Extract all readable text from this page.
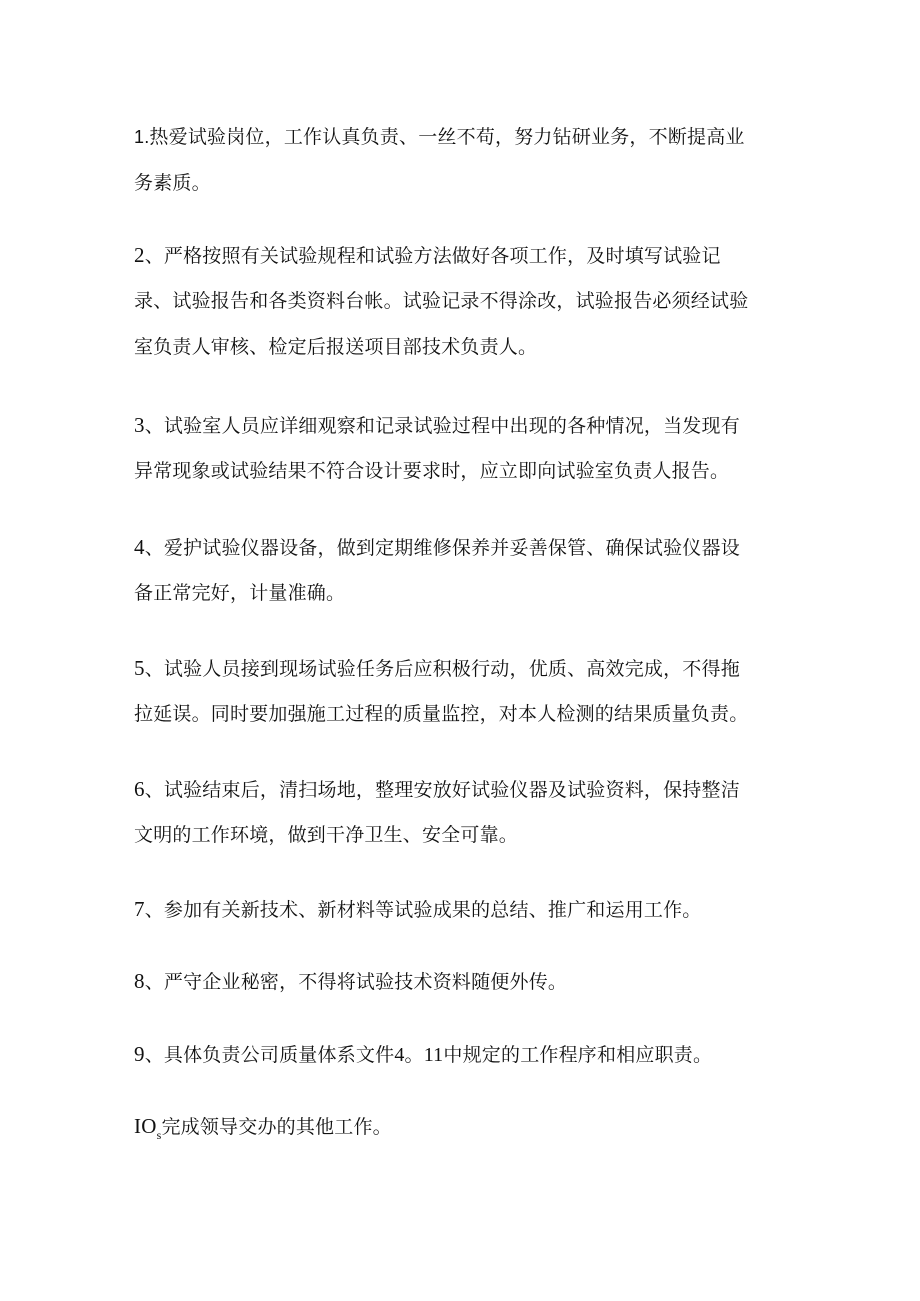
1.热爱试验岗位，工作认真负责、一丝不苟，努力钻研业务，不断提高业
务素质。

2、严格按照有关试验规程和试验方法做好各项工作，及时填写试验记
录、试验报告和各类资料台帐。试验记录不得涂改，试验报告必须经试验
室负责人审核、检定后报送项目部技术负责人。

3、试验室人员应详细观察和记录试验过程中出现的各种情况，当发现有
异常现象或试验结果不符合设计要求时，应立即向试验室负责人报告。

4、爱护试验仪器设备，做到定期维修保养并妥善保管、确保试验仪器设
备正常完好，计量准确。

5、试验人员接到现场试验任务后应积极行动，优质、高效完成，不得拖
拉延误。同时要加强施工过程的质量监控，对本人检测的结果质量负责。

6、试验结束后，清扫场地，整理安放好试验仪器及试验资料，保持整洁
文明的工作环境，做到干净卫生、安全可靠。

7、参加有关新技术、新材料等试验成果的总结、推广和运用工作。

8、严守企业秘密，不得将试验技术资料随便外传。

9、具体负责公司质量体系文件4。11中规定的工作程序和相应职责。

$IO_s$完成领导交办的其他工作。
